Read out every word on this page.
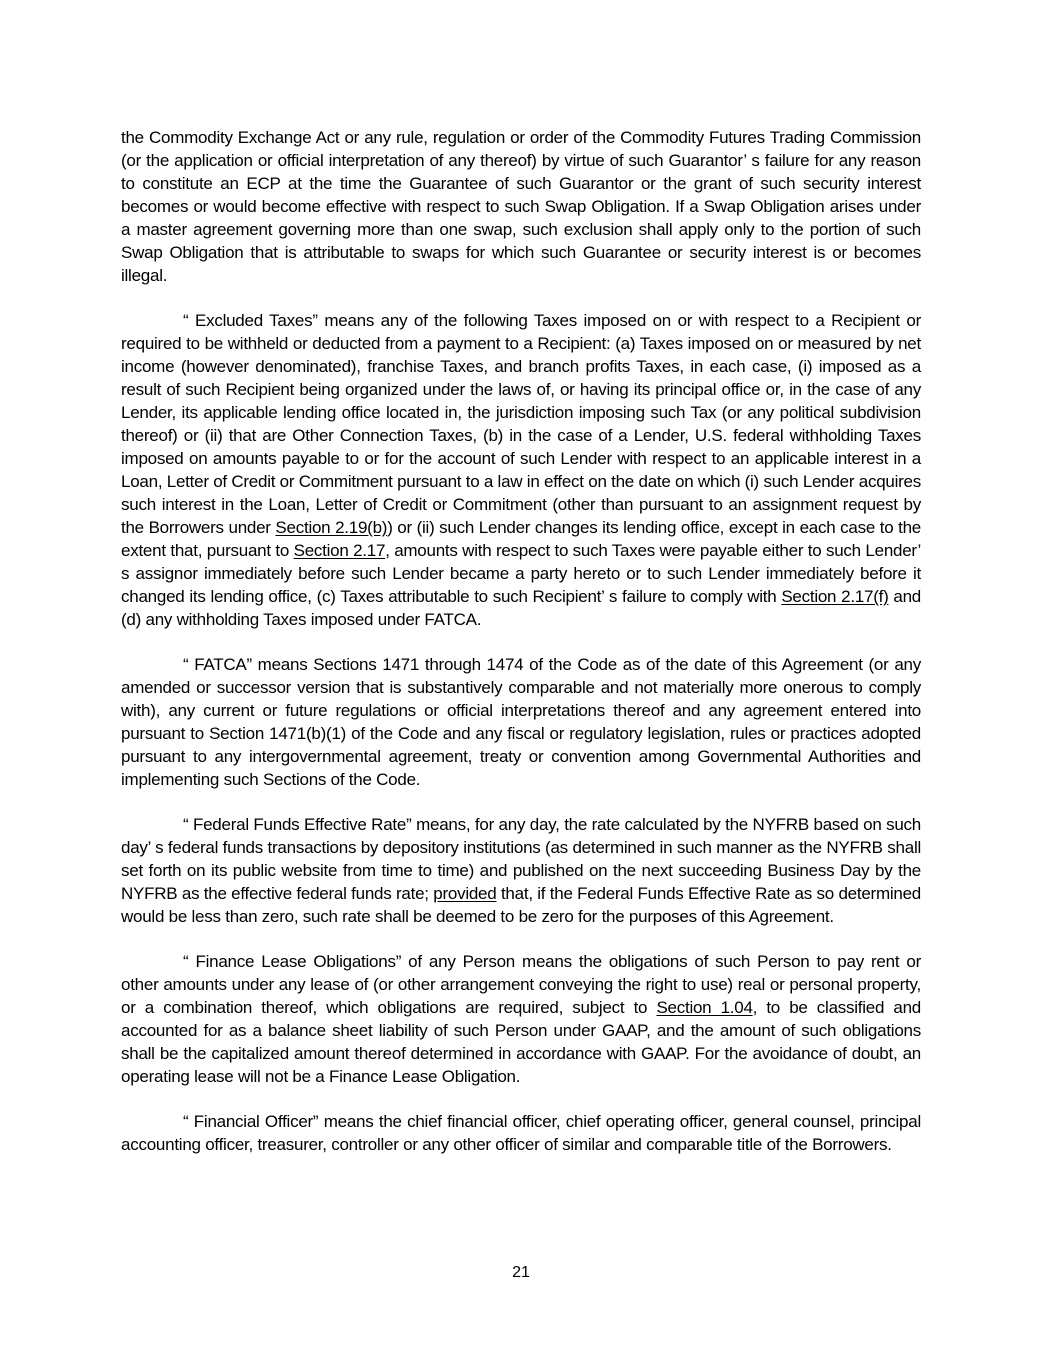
the Commodity Exchange Act or any rule, regulation or order of the Commodity Futures Trading Commission (or the application or official interpretation of any thereof) by virtue of such Guarantor’ s failure for any reason to constitute an ECP at the time the Guarantee of such Guarantor or the grant of such security interest becomes or would become effective with respect to such Swap Obligation. If a Swap Obligation arises under a master agreement governing more than one swap, such exclusion shall apply only to the portion of such Swap Obligation that is attributable to swaps for which such Guarantee or security interest is or becomes illegal.

“ Excluded Taxes” means any of the following Taxes imposed on or with respect to a Recipient or required to be withheld or deducted from a payment to a Recipient: (a) Taxes imposed on or measured by net income (however denominated), franchise Taxes, and branch profits Taxes, in each case, (i) imposed as a result of such Recipient being organized under the laws of, or having its principal office or, in the case of any Lender, its applicable lending office located in, the jurisdiction imposing such Tax (or any political subdivision thereof) or (ii) that are Other Connection Taxes, (b) in the case of a Lender, U.S. federal withholding Taxes imposed on amounts payable to or for the account of such Lender with respect to an applicable interest in a Loan, Letter of Credit or Commitment pursuant to a law in effect on the date on which (i) such Lender acquires such interest in the Loan, Letter of Credit or Commitment (other than pursuant to an assignment request by the Borrowers under Section 2.19(b)) or (ii) such Lender changes its lending office, except in each case to the extent that, pursuant to Section 2.17, amounts with respect to such Taxes were payable either to such Lender’ s assignor immediately before such Lender became a party hereto or to such Lender immediately before it changed its lending office, (c) Taxes attributable to such Recipient’ s failure to comply with Section 2.17(f) and (d) any withholding Taxes imposed under FATCA.

“ FATCA” means Sections 1471 through 1474 of the Code as of the date of this Agreement (or any amended or successor version that is substantively comparable and not materially more onerous to comply with), any current or future regulations or official interpretations thereof and any agreement entered into pursuant to Section 1471(b)(1) of the Code and any fiscal or regulatory legislation, rules or practices adopted pursuant to any intergovernmental agreement, treaty or convention among Governmental Authorities and implementing such Sections of the Code.

“ Federal Funds Effective Rate” means, for any day, the rate calculated by the NYFRB based on such day’ s federal funds transactions by depository institutions (as determined in such manner as the NYFRB shall set forth on its public website from time to time) and published on the next succeeding Business Day by the NYFRB as the effective federal funds rate; provided that, if the Federal Funds Effective Rate as so determined would be less than zero, such rate shall be deemed to be zero for the purposes of this Agreement.

“ Finance Lease Obligations” of any Person means the obligations of such Person to pay rent or other amounts under any lease of (or other arrangement conveying the right to use) real or personal property, or a combination thereof, which obligations are required, subject to Section 1.04, to be classified and accounted for as a balance sheet liability of such Person under GAAP, and the amount of such obligations shall be the capitalized amount thereof determined in accordance with GAAP. For the avoidance of doubt, an operating lease will not be a Finance Lease Obligation.

“ Financial Officer” means the chief financial officer, chief operating officer, general counsel, principal accounting officer, treasurer, controller or any other officer of similar and comparable title of the Borrowers.

21
